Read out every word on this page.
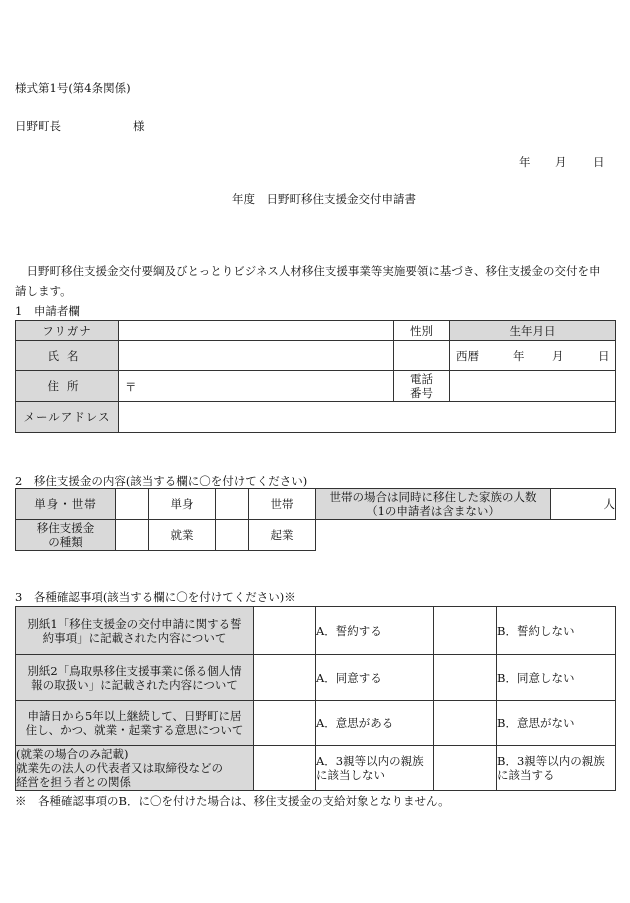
様式第1号(第4条関係)
日野町長	様
年 月 日
年度　日野町移住支援金交付申請書
　日野町移住支援金交付要綱及びとっとりビジネス人材移住支援事業等実施要領に基づき、移住支援金の交付を申
請します。
1　申請者欄
フリガナ		性別	生年月日
氏名			西暦 年 月 日

住所	〒	電話
番号	

メールアドレス			
2　移住支援金の内容(該当する欄に〇を付けてください)
単身・世帯		単身		世帯	世帯の場合は同時に移住した家族の人数
（1の申請者は含まない）	人

移住支援金
の種類		就業		起業		
3　各種確認事項(該当する欄に〇を付けてください)※
別紙1「移住支援金の交付申請に関する誓
約事項」に記載された内容について		A．誓約する		B．誓約しない

別紙2「鳥取県移住支援事業に係る個人情
報の取扱い」に記載された内容について		A．同意する		B．同意しない

申請日から5年以上継続して、日野町に居
住し、かつ、就業・起業する意思について		A．意思がある		B．意思がない

(就業の場合のみ記載)
就業先の法人の代表者又は取締役などの
経営を担う者との関係		A．3親等以内の親族
に該当しない		B．3親等以内の親族
に該当する
※　各種確認事項のB．に〇を付けた場合は、移住支援金の支給対象となりません。
